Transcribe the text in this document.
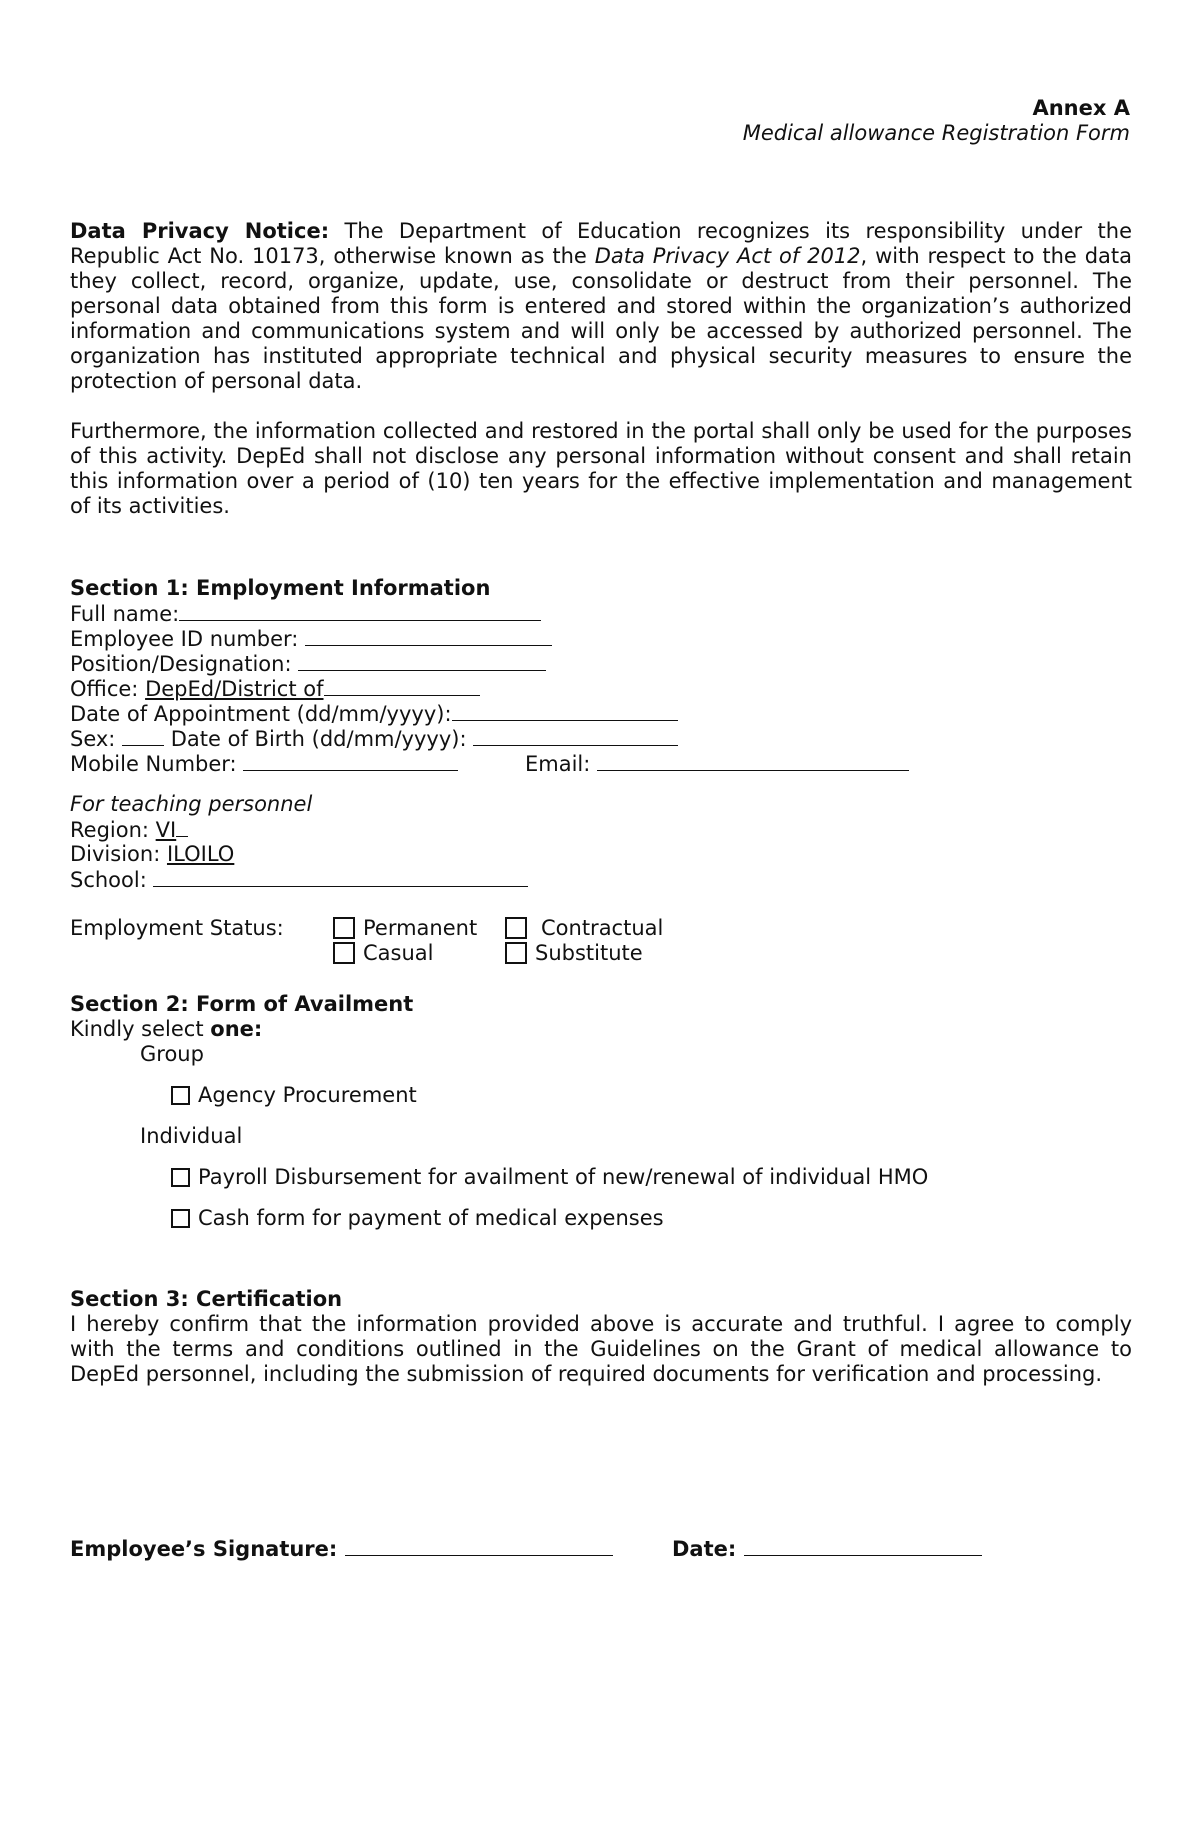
Annex A
Medical allowance Registration Form
Data Privacy Notice: The Department of Education recognizes its responsibility under the Republic Act No. 10173, otherwise known as the Data Privacy Act of 2012, with respect to the data they collect, record, organize, update, use, consolidate or destruct from their personnel. The personal data obtained from this form is entered and stored within the organization’s authorized information and communications system and will only be accessed by authorized personnel. The organization has instituted appropriate technical and physical security measures to ensure the protection of personal data.
Furthermore, the information collected and restored in the portal shall only be used for the purposes of this activity. DepEd shall not disclose any personal information without consent and shall retain this information over a period of (10) ten years for the effective implementation and management of its activities.
Section 1: Employment Information
Full name:
Employee ID number:
Position/Designation:
Office: DepEd/District of
Date of Appointment (dd/mm/yyyy):
Sex:	Date of Birth (dd/mm/yyyy):
Mobile Number:	Email:
For teaching personnel
Region: VI
Division: ILOILO
School:
Employment Status:	Permanent	Contractual
Casual	Substitute
Section 2: Form of Availment
Kindly select one:
Group
Agency Procurement
Individual
Payroll Disbursement for availment of new/renewal of individual HMO
Cash form for payment of medical expenses
Section 3: Certification
I hereby confirm that the information provided above is accurate and truthful. I agree to comply with the terms and conditions outlined in the Guidelines on the Grant of medical allowance to DepEd personnel, including the submission of required documents for verification and processing.
Employee’s Signature:	Date:
